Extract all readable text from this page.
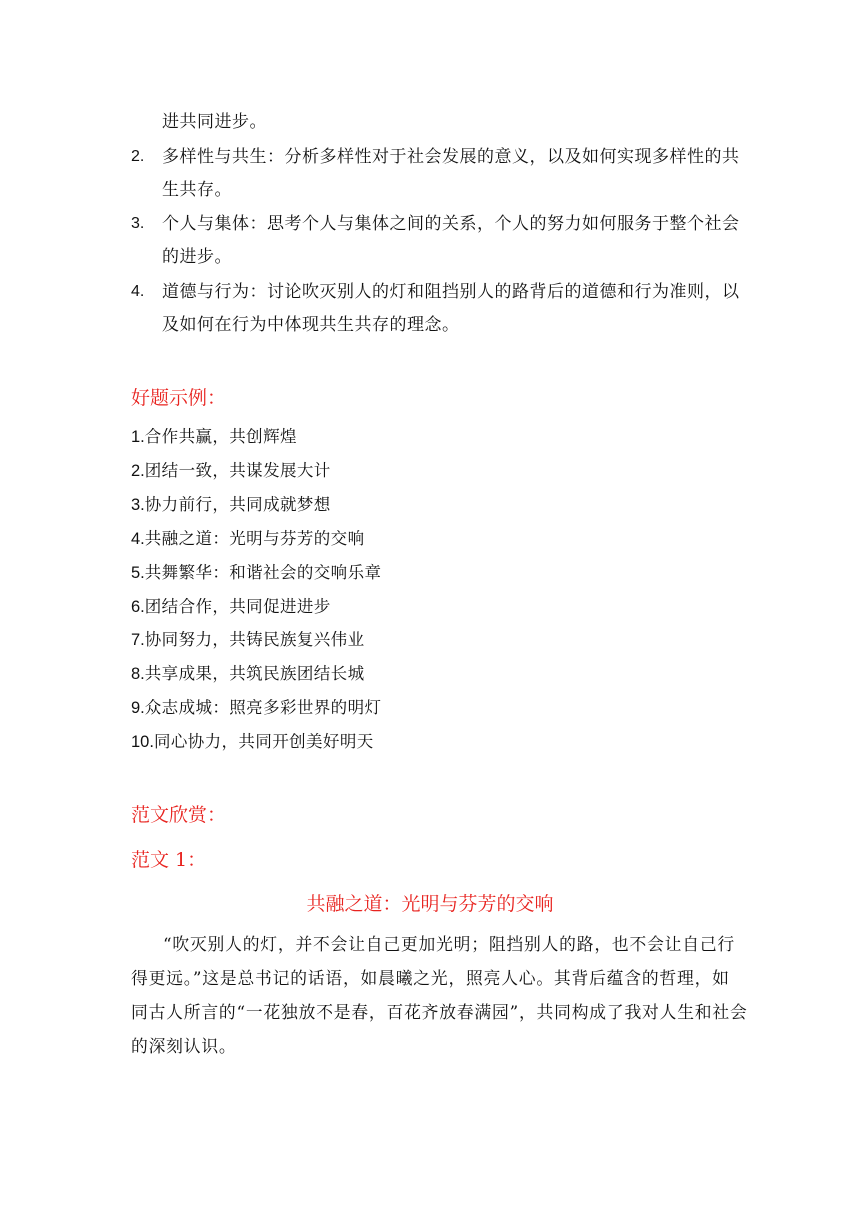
进共同进步。
2. 多样性与共生：分析多样性对于社会发展的意义，以及如何实现多样性的共
生共存。
3. 个人与集体：思考个人与集体之间的关系，个人的努力如何服务于整个社会
的进步。
4. 道德与行为：讨论吹灭别人的灯和阻挡别人的路背后的道德和行为准则，以
及如何在行为中体现共生共存的理念。
好题示例：
1.合作共赢，共创辉煌
2.团结一致，共谋发展大计
3.协力前行，共同成就梦想
4.共融之道：光明与芬芳的交响
5.共舞繁华：和谐社会的交响乐章
6.团结合作，共同促进进步
7.协同努力，共铸民族复兴伟业
8.共享成果，共筑民族团结长城
9.众志成城：照亮多彩世界的明灯
10.同心协力，共同开创美好明天
范文欣赏：
范文 1：
共融之道：光明与芬芳的交响
“吹灭别人的灯，并不会让自己更加光明；阻挡别人的路，也不会让自己行
得更远。”这是总书记的话语，如晨曦之光，照亮人心。其背后蕴含的哲理，如
同古人所言的“一花独放不是春，百花齐放春满园”，共同构成了我对人生和社会
的深刻认识。
